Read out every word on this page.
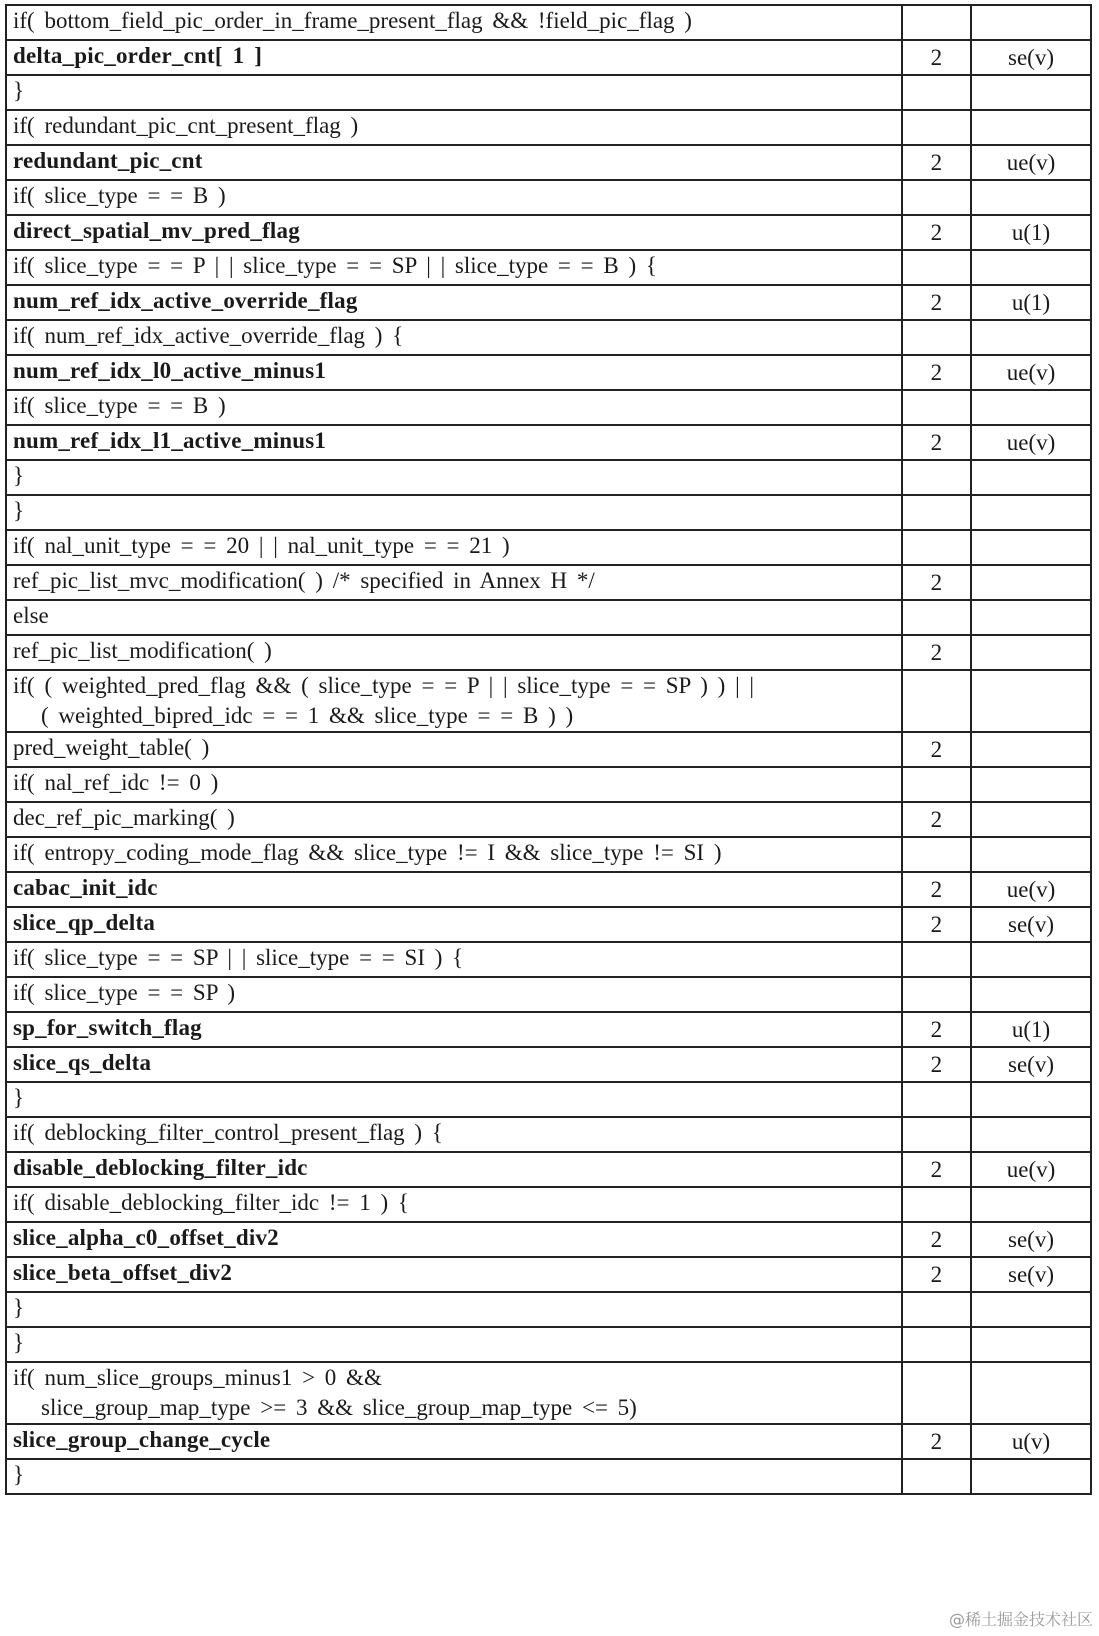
if( bottom_field_pic_order_in_frame_present_flag && !field_pic_flag )		

delta_pic_order_cnt[ 1 ]	2	se(v)

}		

if( redundant_pic_cnt_present_flag )		

redundant_pic_cnt	2	ue(v)

if( slice_type = = B )		

direct_spatial_mv_pred_flag	2	u(1)

if( slice_type = = P | | slice_type = = SP | | slice_type = = B ) {		

num_ref_idx_active_override_flag	2	u(1)

if( num_ref_idx_active_override_flag ) {		

num_ref_idx_l0_active_minus1	2	ue(v)

if( slice_type = = B )		

num_ref_idx_l1_active_minus1	2	ue(v)

}		

}		

if( nal_unit_type = = 20 | | nal_unit_type = = 21 )		

ref_pic_list_mvc_modification( ) /* specified in Annex H */	2	

else		

ref_pic_list_modification( )	2	

if( ( weighted_pred_flag && ( slice_type = = P | | slice_type = = SP ) ) | |
( weighted_bipred_idc = = 1 && slice_type = = B ) )		

pred_weight_table( )	2	

if( nal_ref_idc != 0 )		

dec_ref_pic_marking( )	2	

if( entropy_coding_mode_flag && slice_type != I && slice_type != SI )		

cabac_init_idc	2	ue(v)

slice_qp_delta	2	se(v)

if( slice_type = = SP | | slice_type = = SI ) {		

if( slice_type = = SP )		

sp_for_switch_flag	2	u(1)

slice_qs_delta	2	se(v)

}		

if( deblocking_filter_control_present_flag ) {		

disable_deblocking_filter_idc	2	ue(v)

if( disable_deblocking_filter_idc != 1 ) {		

slice_alpha_c0_offset_div2	2	se(v)

slice_beta_offset_div2	2	se(v)

}		

}		

if( num_slice_groups_minus1 > 0 &&
slice_group_map_type >= 3 && slice_group_map_type <= 5)		

slice_group_change_cycle	2	u(v)

}		

@稀土掘金技术社区
